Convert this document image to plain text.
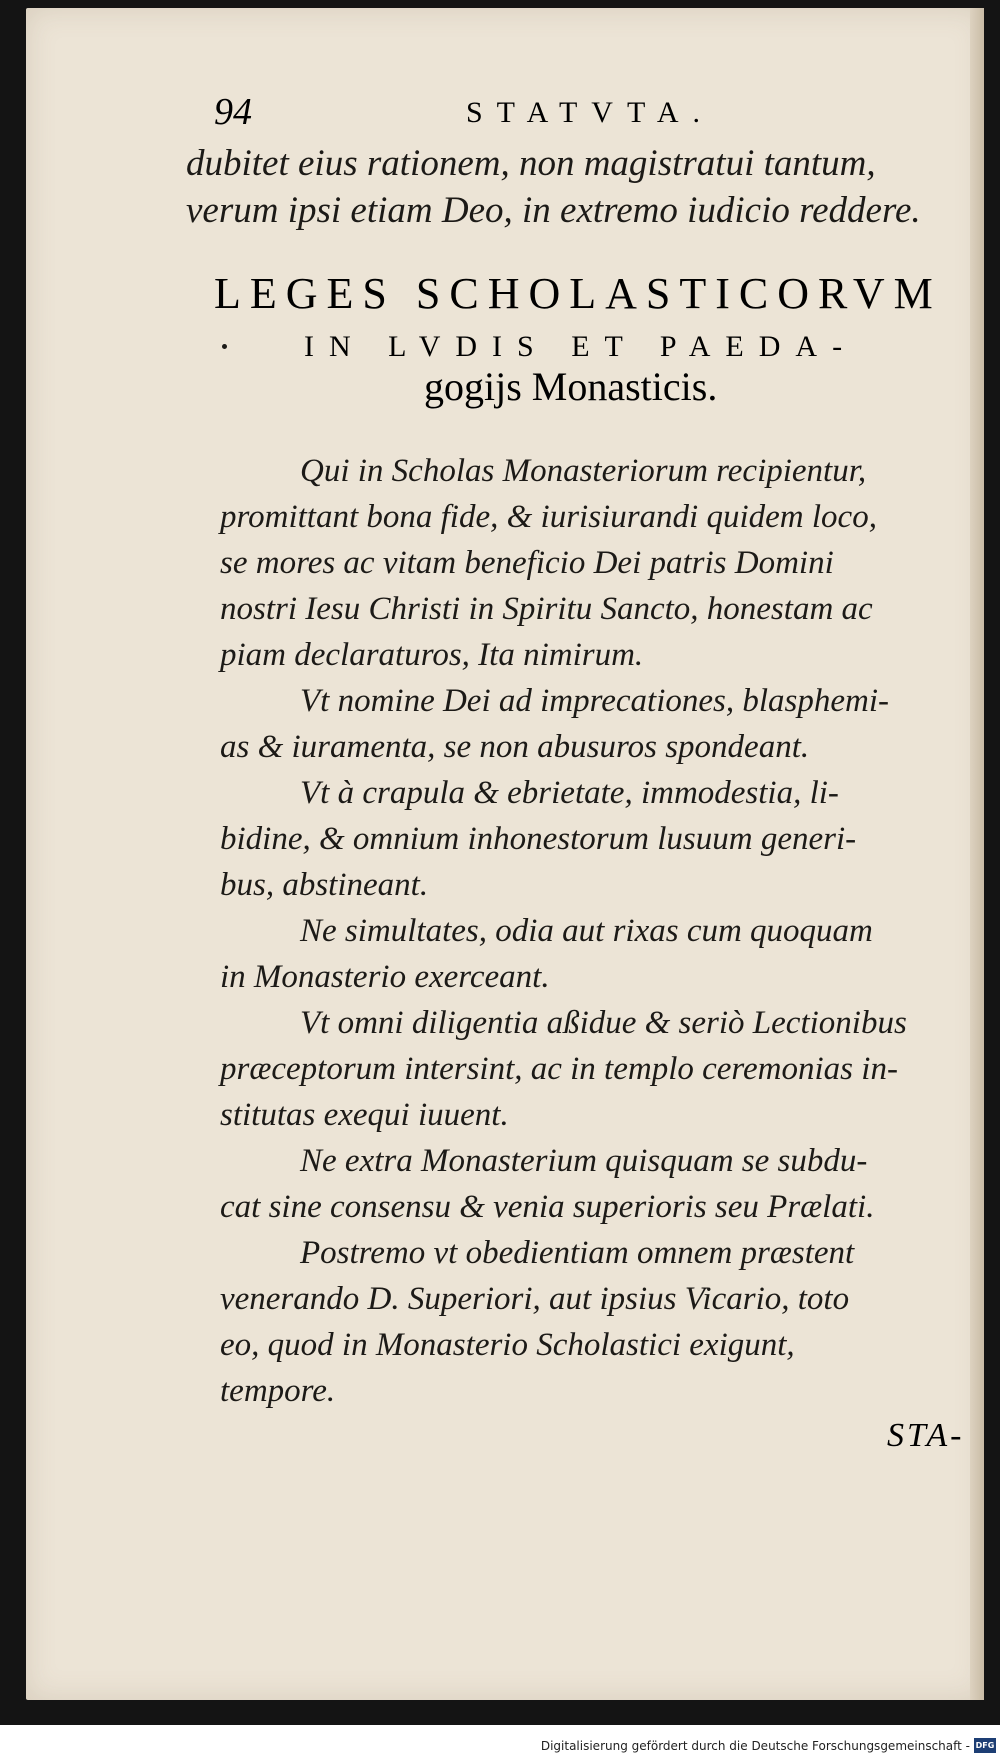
94	STATVTA.
dubitet eius rationem, non magistratui tantum,
verum ipsi etiam Deo, in extremo iudicio reddere.
LEGES SCHOLASTICORVM
IN LVDIS ET PAEDA-
gogijs Monasticis.
Qui in Scholas Monasteriorum recipientur,
promittant bona fide, & iurisiurandi quidem loco,
se mores ac vitam beneficio Dei patris Domini
nostri Iesu Christi in Spiritu Sancto, honestam ac
piam declaraturos, Ita nimirum.
Vt nomine Dei ad imprecationes, blasphemi-
as & iuramenta, se non abusuros spondeant.
Vt à crapula & ebrietate, immodestia, li-
bidine, & omnium inhonestorum lusuum generi-
bus, abstineant.
Ne simultates, odia aut rixas cum quoquam
in Monasterio exerceant.
Vt omni diligentia aßidue & seriò Lectionibus
præceptorum intersint, ac in templo ceremonias in-
stitutas exequi iuuent.
Ne extra Monasterium quisquam se subdu-
cat sine consensu & venia superioris seu Prælati.
Postremo vt obedientiam omnem præstent
venerando D. Superiori, aut ipsius Vicario, toto
eo, quod in Monasterio Scholastici exigunt,
tempore.
STA-
Digitalisierung gefördert durch die Deutsche Forschungsgemeinschaft - DFG
